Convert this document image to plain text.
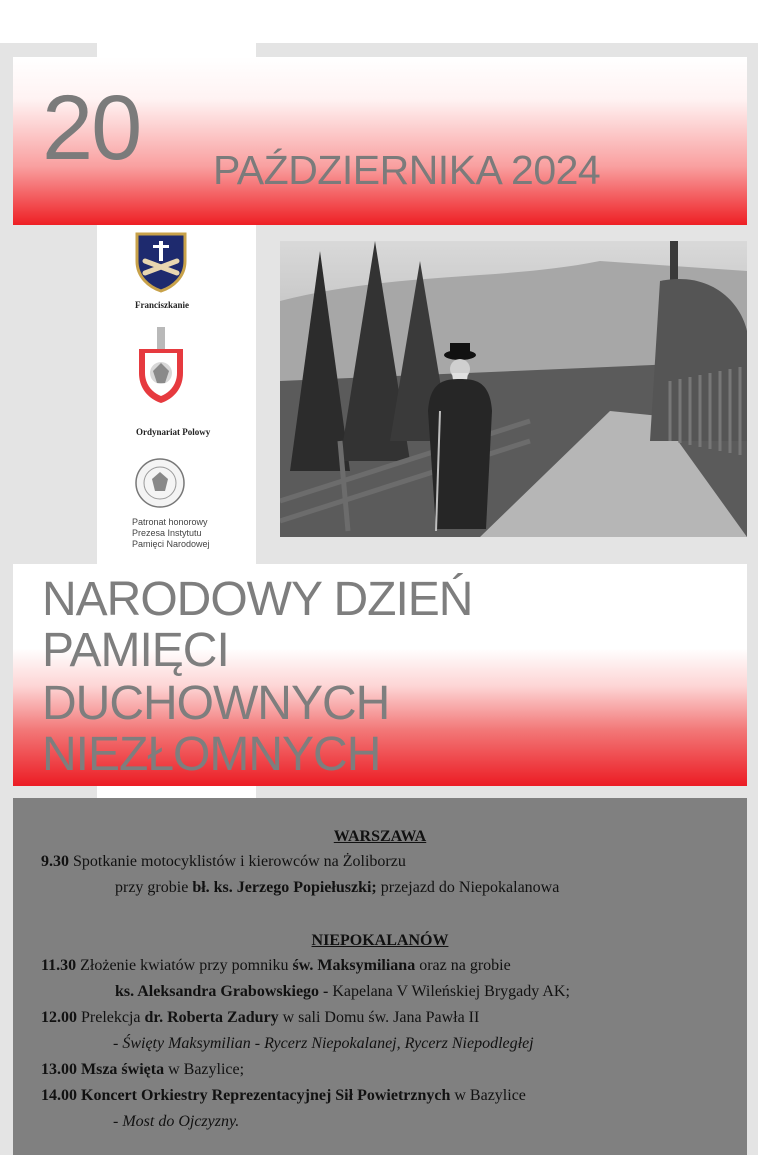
20 PAŹDZIERNIKA 2024
Franciszkanie
Ordynariat Polowy
Patronat honorowy
Prezesa Instytutu
Pamięci Narodowej
NARODOWY DZIEŃ
PAMIĘCI
DUCHOWNYCH
NIEZŁOMNYCH
WARSZAWA
9.30 Spotkanie motocyklistów i kierowców na Żoliborzu
przy grobie bł. ks. Jerzego Popiełuszki; przejazd do Niepokalanowa
NIEPOKALANÓW
11.30 Złożenie kwiatów przy pomniku św. Maksymiliana oraz na grobie
ks. Aleksandra Grabowskiego - Kapelana V Wileńskiej Brygady AK;
12.00 Prelekcja dr. Roberta Zadury w sali Domu św. Jana Pawła II
- Święty Maksymilian - Rycerz Niepokalanej, Rycerz Niepodległej
13.00 Msza święta w Bazylice;
14.00 Koncert Orkiestry Reprezentacyjnej Sił Powietrznych w Bazylice
- Most do Ojczyzny.
